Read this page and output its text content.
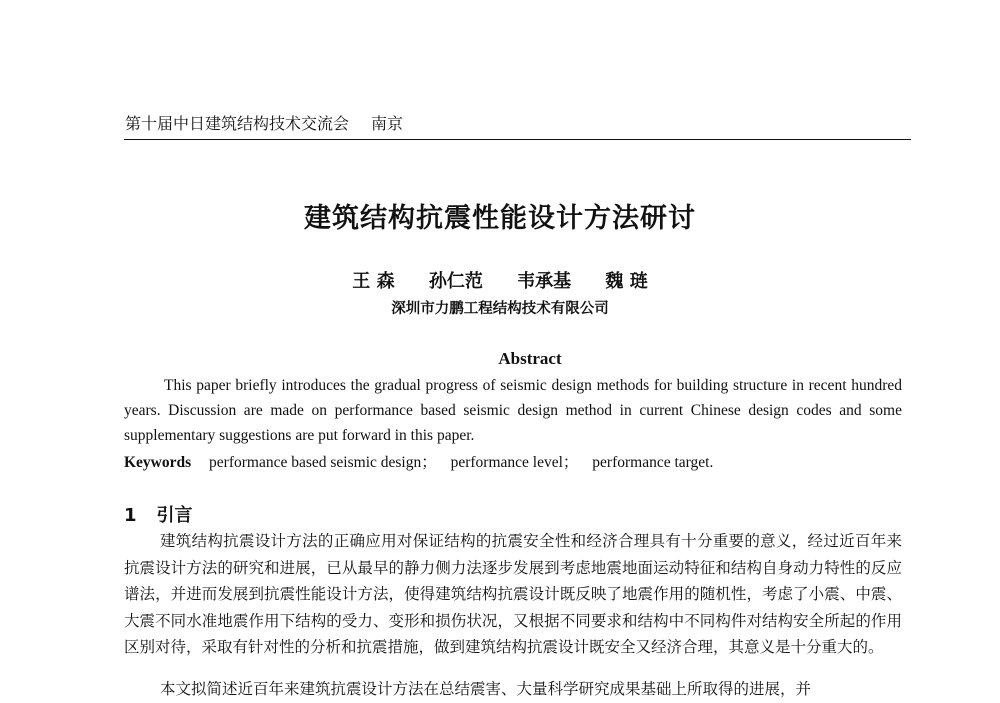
第十届中日建筑结构技术交流会 南京
建筑结构抗震性能设计方法研讨
王 森 孙仁范 韦承基 魏 琏
深圳市力鹏工程结构技术有限公司
Abstract
This paper briefly introduces the gradual progress of seismic design methods for building structure in recent hundred years. Discussion are made on performance based seismic design method in current Chinese design codes and some supplementary suggestions are put forward in this paper.
Keywords performance based seismic design； performance level； performance target.
1 引言
建筑结构抗震设计方法的正确应用对保证结构的抗震安全性和经济合理具有十分重要的意义，经过近百年来抗震设计方法的研究和进展，已从最早的静力侧力法逐步发展到考虑地震地面运动特征和结构自身动力特性的反应谱法，并进而发展到抗震性能设计方法，使得建筑结构抗震设计既反映了地震作用的随机性，考虑了小震、中震、大震不同水准地震作用下结构的受力、变形和损伤状况，又根据不同要求和结构中不同构件对结构安全所起的作用区别对待，采取有针对性的分析和抗震措施，做到建筑结构抗震设计既安全又经济合理，其意义是十分重大的。
本文拟简述近百年来建筑抗震设计方法在总结震害、大量科学研究成果基础上所取得的进展，并
